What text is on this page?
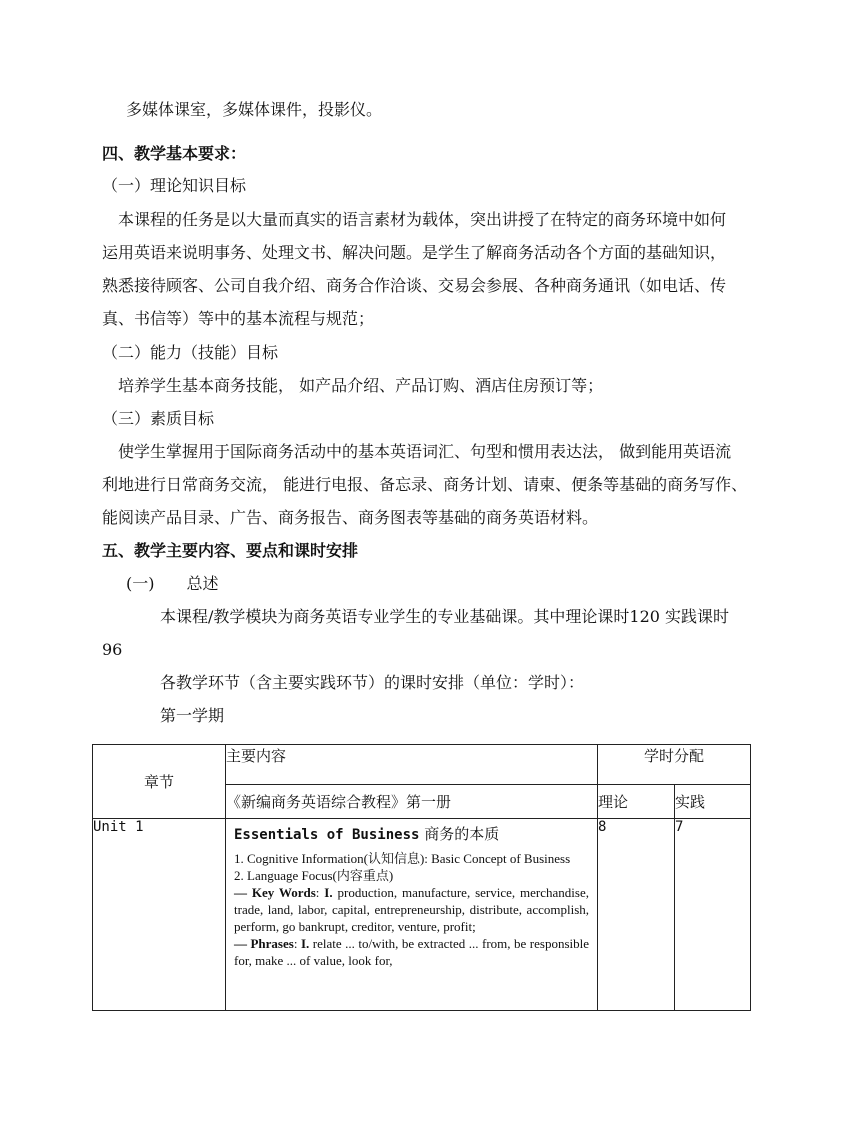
多媒体课室，多媒体课件，投影仪。
四、教学基本要求：
（一）理论知识目标
本课程的任务是以大量而真实的语言素材为载体，突出讲授了在特定的商务环境中如何
运用英语来说明事务、处理文书、解决问题。是学生了解商务活动各个方面的基础知识，
熟悉接待顾客、公司自我介绍、商务合作洽谈、交易会参展、各种商务通讯（如电话、传
真、书信等）等中的基本流程与规范；
（二）能力（技能）目标
培养学生基本商务技能， 如产品介绍、产品订购、酒店住房预订等；
（三）素质目标
使学生掌握用于国际商务活动中的基本英语词汇、句型和惯用表达法， 做到能用英语流
利地进行日常商务交流， 能进行电报、备忘录、商务计划、请柬、便条等基础的商务写作、
能阅读产品目录、广告、商务报告、商务图表等基础的商务英语材料。
五、教学主要内容、要点和课时安排
(一) 总述
本课程/教学模块为商务英语专业学生的专业基础课。其中理论课时120 实践课时
96
各教学环节（含主要实践环节）的课时安排（单位：学时）：
第一学期
章节	主要内容	学时分配	
	《新编商务英语综合教程》第一册	理论	实践
Unit 1	Essentials of Business 商务的本质

1. Cognitive Information(认知信息): Basic Concept of Business

2. Language Focus(内容重点)

— Key Words: I. production, manufacture, service, merchandise, trade, land, labor, capital, entrepreneurship, distribute, accomplish, perform, go bankrupt, creditor, venture, profit;

— Phrases: I. relate ... to/with, be extracted ... from, be responsible for, make ... of value, look for,	8	7
